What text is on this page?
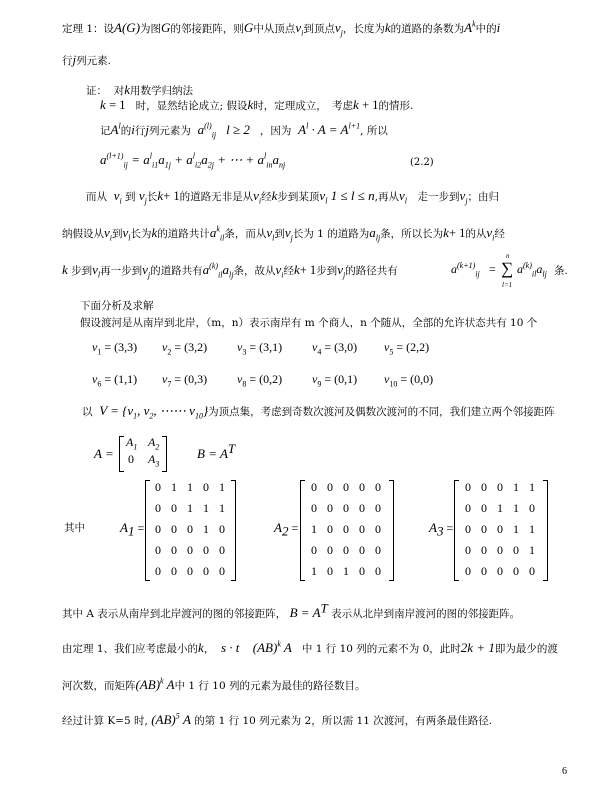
定理 1：设A(G)为图G的邻接距阵，则G中从顶点$v_i$到顶点$v_j$，长度为k的道路的条数为$A^k$中的i
行j列元素.
证： 对k用数学归纳法
k = 1 时，显然结论成立; 假设k时，定理成立，　考虑k + 1的情形.
记$A^l$的i行j列元素为 $a^{(l)}_{ij}$ l ≥ 2 ，因为 $A^l \cdot A = A^{l+1}$, 所以
$a^{(l+1)}_{ij} = a^l_{i1}a_{1j} + a^l_{i2}a_{2j}$ + ⋯ + $a^l_{in}a_{nj}$	(2.2)
而从 $v_i$ 到 $v_j$长k+ 1的道路无非是从$v_i$经k步到某顶$v_l$ 1 ≤ l ≤ n,再从$v_l$　走一步到$v_j$；由归
纳假设从$v_i$到$v_l$长为k的道路共计$a^k_{il}$条，而从$v_l$到$v_j$长为 1 的道路为$a_{lj}$条，所以长为k+ 1的从$v_i$经
k 步到$v_l$再一步到$v_j$的道路共有$a^{(k)}_{il}a_{lj}$条，故从$v_i$经k+ 1步到$v_j$的路径共有	$a^{(k+1)}_{ij}$ =
n
∑
l=1
$a^{(k)}_{il}a_{lj}$ 条.
下面分析及求解
假设渡河是从南岸到北岸，（m，n）表示南岸有 m 个商人，n 个随从，全部的允许状态共有 10 个
$v_1 = (3,3) v_2 = (3,2) v_3 = (3,1) v_4 = (3,0) v_5 = (2,2)$
$v_6 = (1,1) v_7 = (0,3) v_8 = (0,2) v_9 = (0,1) v_{10} = (0,0)$
以 $V = \{v_1$, $v_2$, ⋯⋯ $v_{10}$}为顶点集，考虑到奇数次渡河及偶数次渡河的不同，我们建立两个邻接距阵
A =
$A_1$ $A_2$
0 $A_3$
$B = A^T$
其中	$A_1$ =
0 1 1 0 1
0 0 1 1 1
0 0 0 1 0
0 0 0 0 0
0 0 0 0 0
$A_2$ =
0 0 0 0 0
0 0 0 0 0
1 0 0 0 0
0 0 0 0 0
1 0 1 0 0
$A_3$ =
0 0 0 1 1
0 0 1 1 0
0 0 0 1 1
0 0 0 0 1
0 0 0 0 0
其中 A 表示从南岸到北岸渡河的图的邻接距阵， $B = A^T$ 表示从北岸到南岸渡河的图的邻接距阵。
由定理 1、我们应考虑最小的k， s · t (AB)$^k$ A 中 1 行 10 列的元素不为 0，此时2k + 1即为最少的渡
河次数，而矩阵(AB)$^k$ A中 1 行 10 列的元素为最佳的路径数目。
经过计算 K=5 时, (AB)$^5$ A 的第 1 行 10 列元素为 2，所以需 11 次渡河，有两条最佳路径.
6
